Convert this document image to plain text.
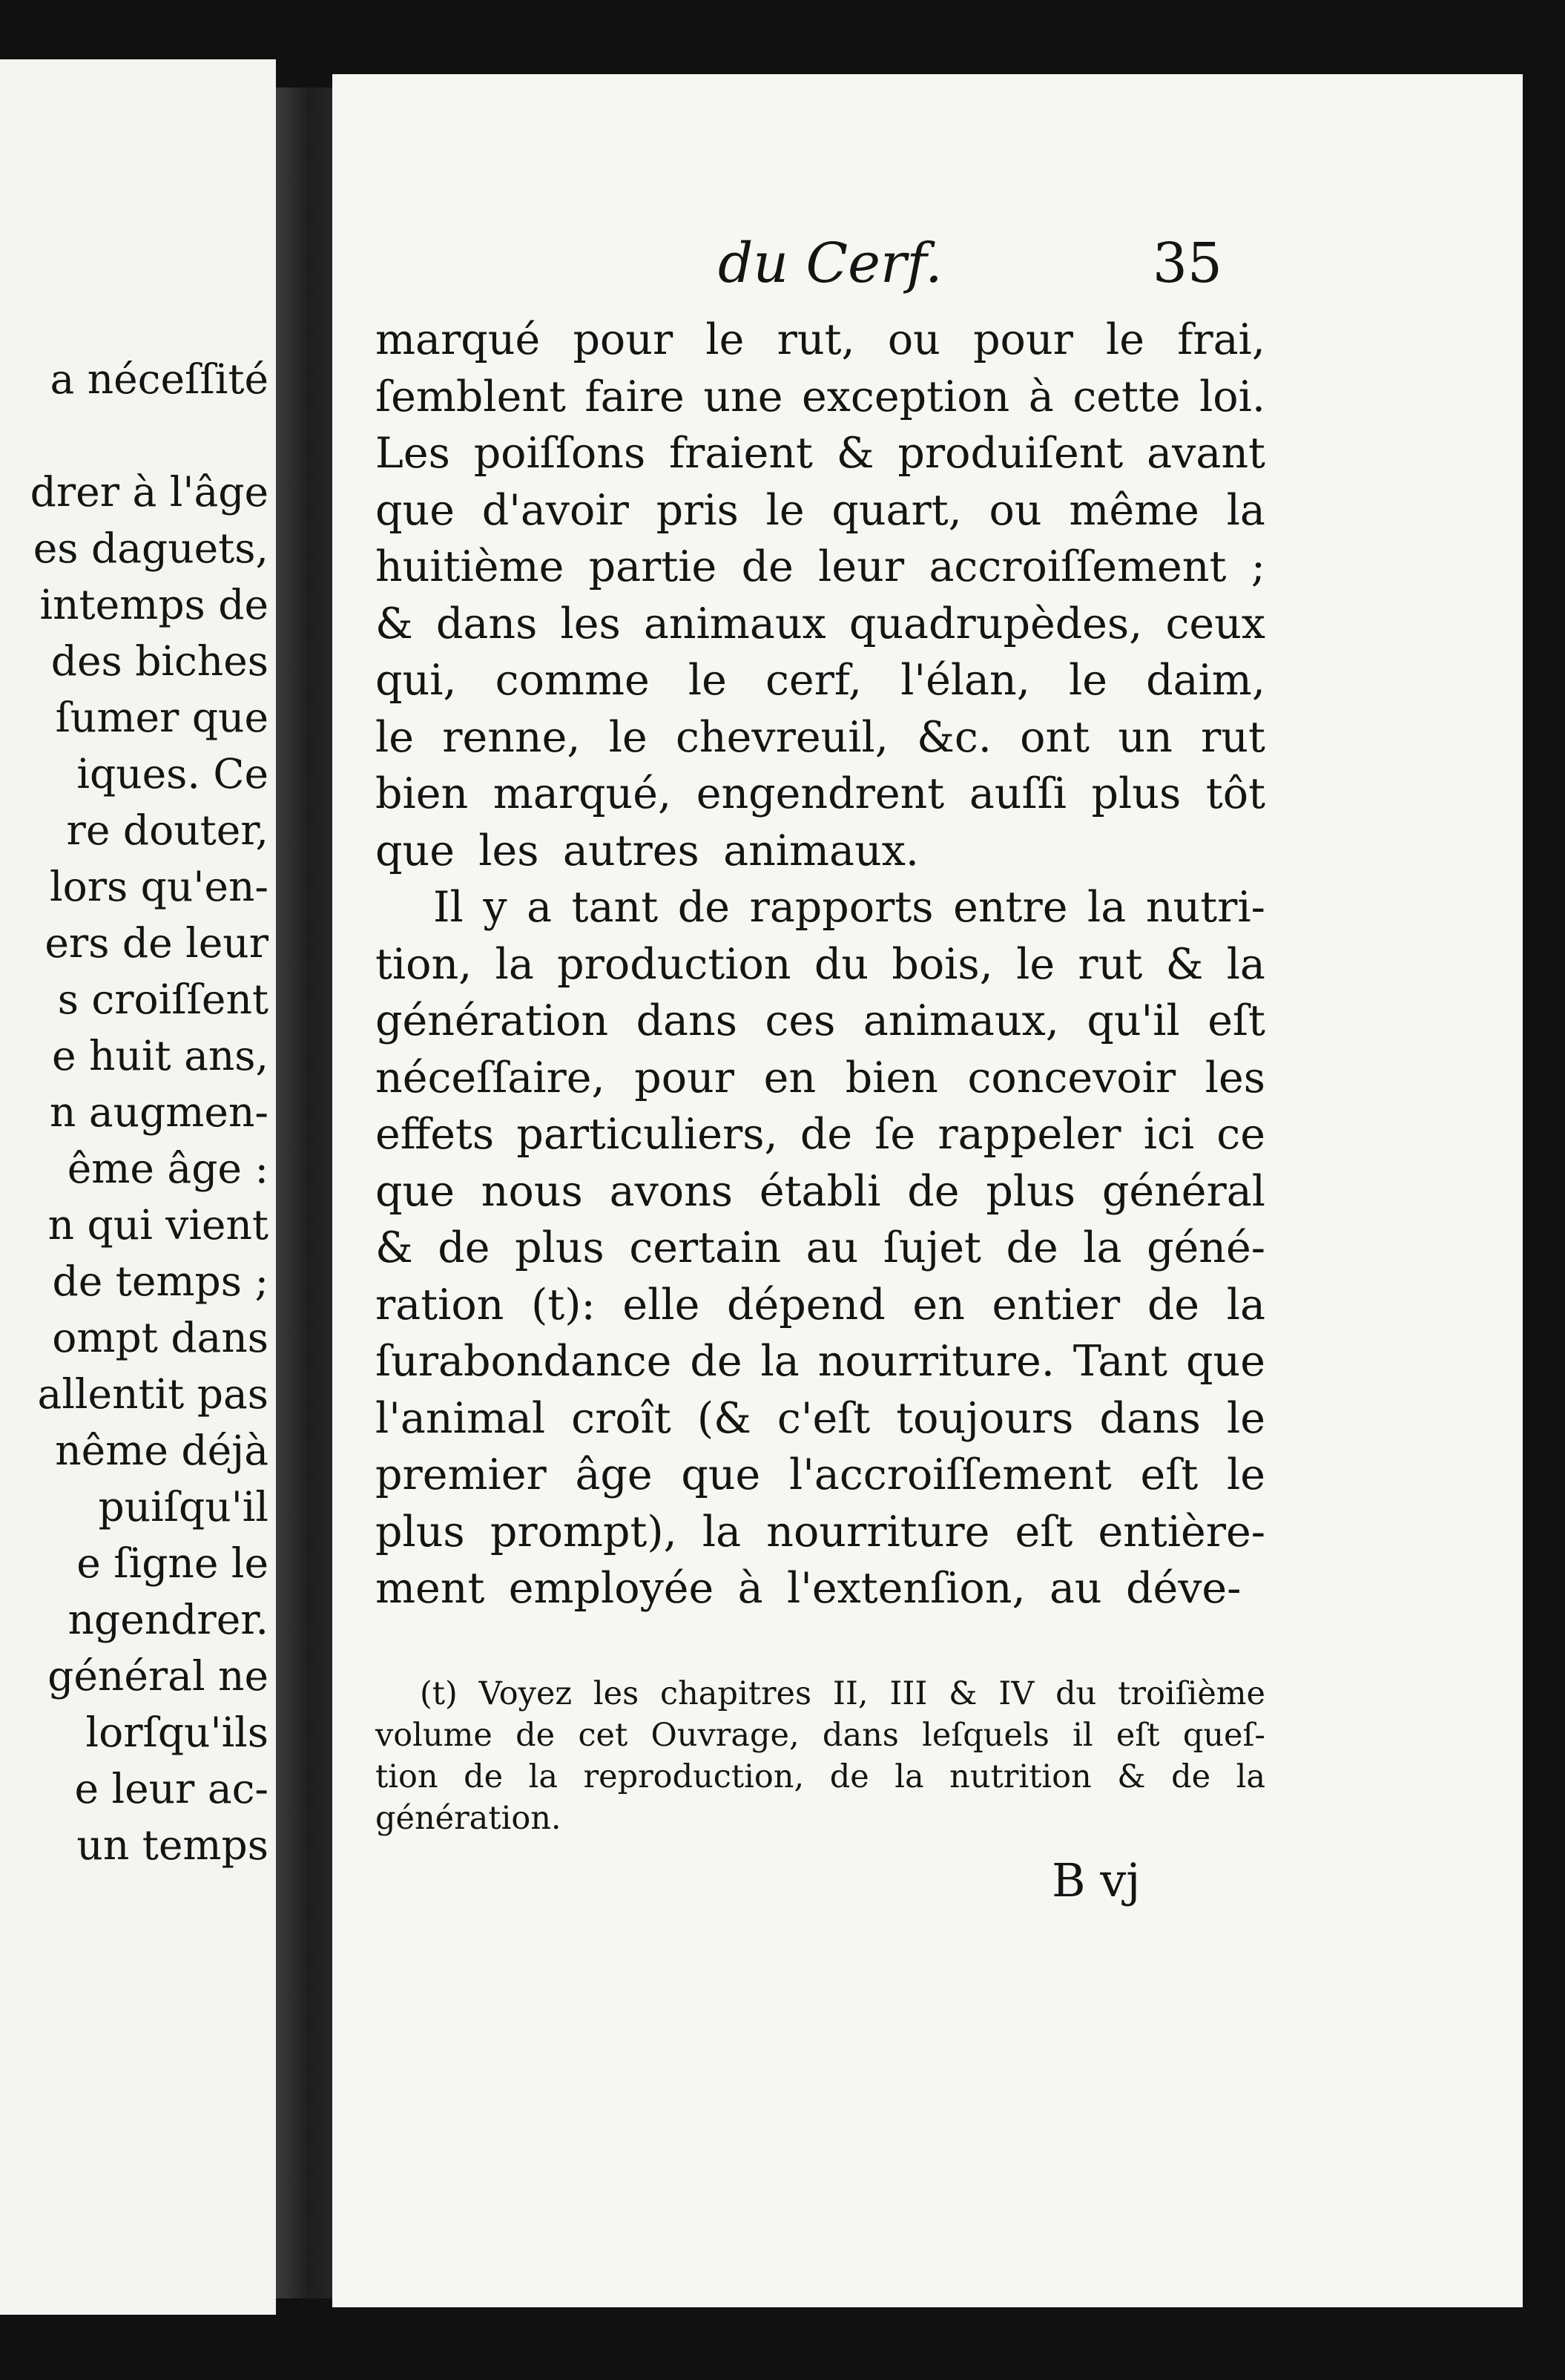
a néceſſité
drer à l'âge
es daguets,
intemps de
des biches
ſumer que
iques. Ce
re douter,
lors qu'en-
ers de leur
s croiſſent
e huit ans,
n augmen-
ême âge :
n qui vient
de temps ;
ompt dans
allentit pas
nême déjà
puiſqu'il
e ſigne le
ngendrer.
général ne
lorſqu'ils
e leur ac-
un temps
du Cerf.	35
marqué pour le rut, ou pour le frai,
ſemblent faire une exception à cette loi.
Les poiſſons fraient & produiſent avant
que d'avoir pris le quart, ou même la
huitième partie de leur accroiſſement ;
& dans les animaux quadrupèdes, ceux
qui, comme le cerf, l'élan, le daim,
le renne, le chevreuil, &c. ont un rut
bien marqué, engendrent auſſi plus tôt
que les autres animaux.
Il y a tant de rapports entre la nutri-
tion, la production du bois, le rut & la
génération dans ces animaux, qu'il eſt
néceſſaire, pour en bien concevoir les
effets particuliers, de ſe rappeler ici ce
que nous avons établi de plus général
& de plus certain au ſujet de la géné-
ration (t): elle dépend en entier de la
ſurabondance de la nourriture. Tant que
l'animal croît (& c'eſt toujours dans le
premier âge que l'accroiſſement eſt le
plus prompt), la nourriture eſt entière-
ment employée à l'extenſion, au déve-
(t) Voyez les chapitres II, III & IV du troiſième
volume de cet Ouvrage, dans leſquels il eſt queſ-
tion de la reproduction, de la nutrition & de la
génération.
B vj
